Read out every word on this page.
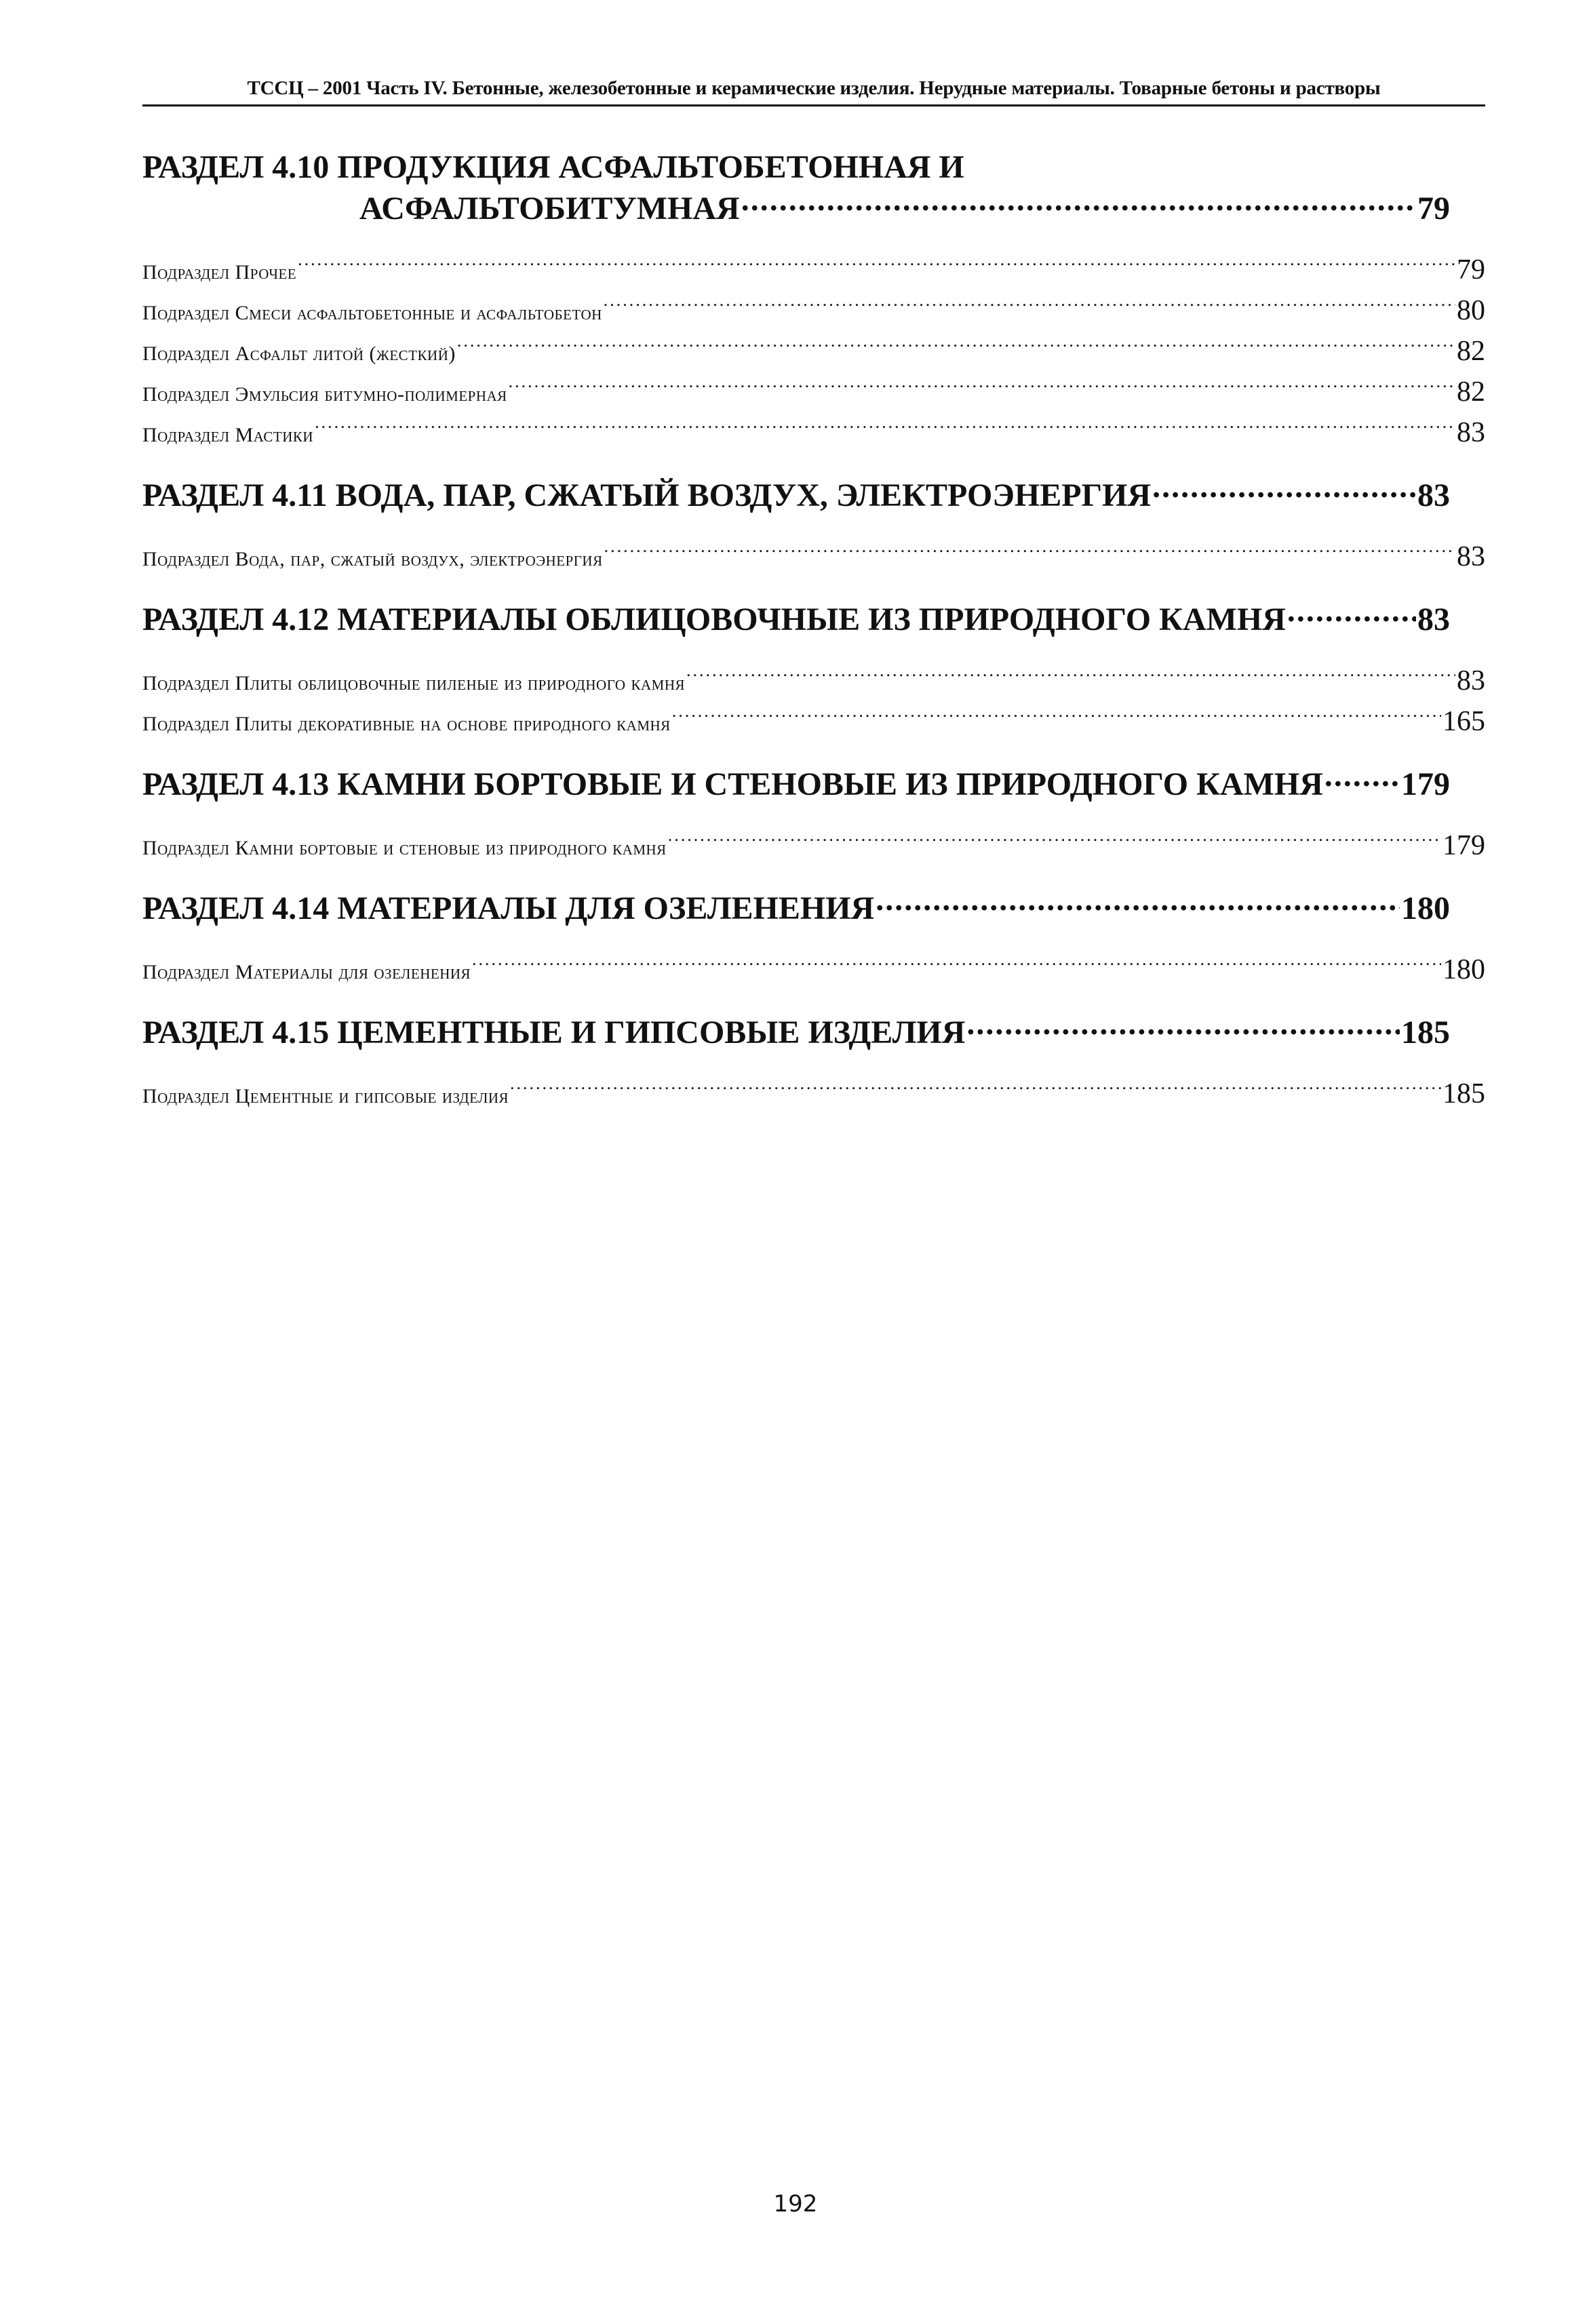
ТССЦ – 2001 Часть IV. Бетонные, железобетонные и керамические изделия. Нерудные материалы. Товарные бетоны и растворы
РАЗДЕЛ 4.10 ПРОДУКЦИЯ АСФАЛЬТОБЕТОННАЯ И
АСФАЛЬТОБИТУМНАЯ .....	79
Подраздел Прочее .....	79
Подраздел Смеси асфальтобетонные и асфальтобетон .....	80
Подраздел Асфальт литой (жесткий) .....	82
Подраздел Эмульсия битумно-полимерная .....	82
Подраздел Мастики .....	83
РАЗДЕЛ 4.11 ВОДА, ПАР, СЖАТЫЙ ВОЗДУХ, ЭЛЕКТРОЭНЕРГИЯ .....	83
Подраздел Вода, пар, сжатый воздух, электроэнергия .....	83
РАЗДЕЛ 4.12 МАТЕРИАЛЫ ОБЛИЦОВОЧНЫЕ ИЗ ПРИРОДНОГО КАМНЯ .....	83
Подраздел Плиты облицовочные пиленые из природного камня .....	83
Подраздел Плиты декоративные на основе природного камня .....	165
РАЗДЕЛ 4.13 КАМНИ БОРТОВЫЕ И СТЕНОВЫЕ ИЗ ПРИРОДНОГО КАМНЯ ..... 179
Подраздел Камни бортовые и стеновые из природного камня .....	179
РАЗДЕЛ 4.14 МАТЕРИАЛЫ ДЛЯ ОЗЕЛЕНЕНИЯ .....	180
Подраздел Материалы для озеленения .....	180
РАЗДЕЛ 4.15 ЦЕМЕНТНЫЕ И ГИПСОВЫЕ ИЗДЕЛИЯ .....	185
Подраздел Цементные и гипсовые изделия .....	185
192
